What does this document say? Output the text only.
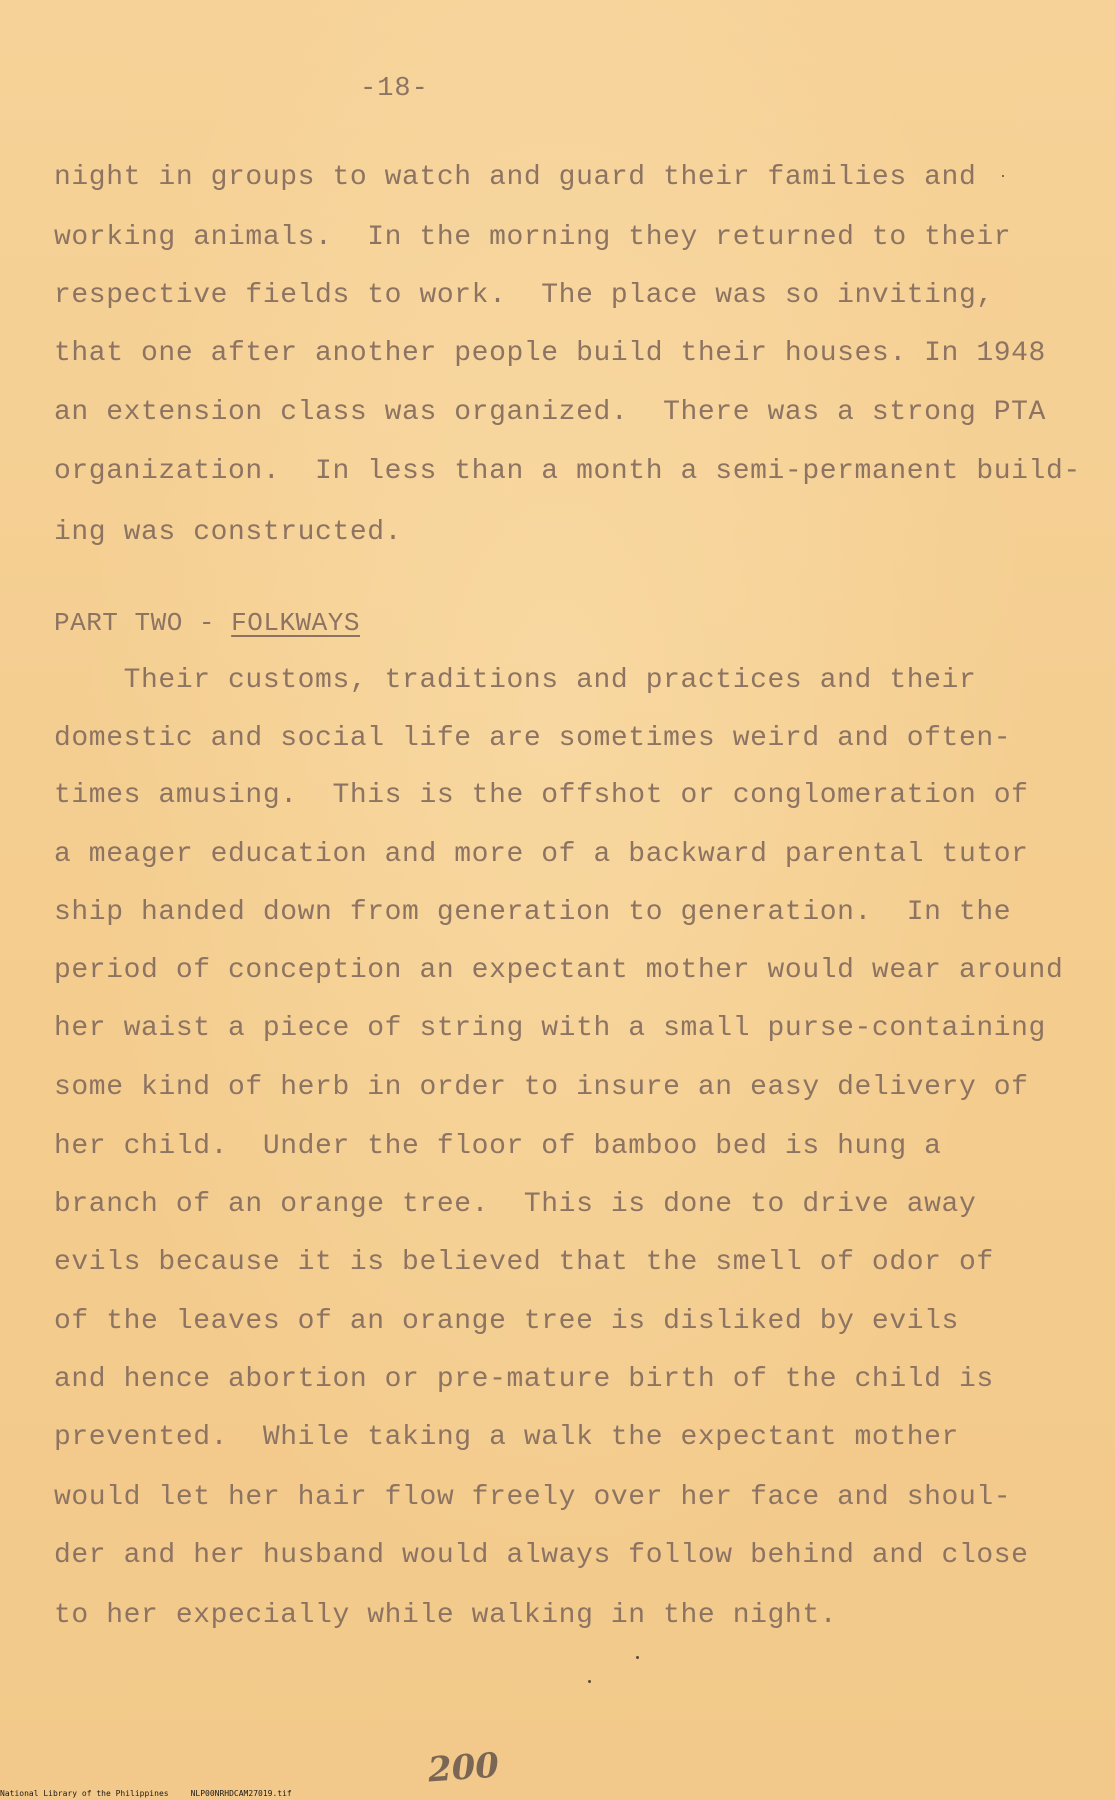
-18-
night in groups to watch and guard their families and
working animals.  In the morning they returned to their
respective fields to work.  The place was so inviting,
that one after another people build their houses. In 1948
an extension class was organized.  There was a strong PTA
organization.  In less than a month a semi-permanent build-
ing was constructed.
PART TWO - FOLKWAYS
Their customs, traditions and practices and their
domestic and social life are sometimes weird and often-
times amusing.  This is the offshot or conglomeration of
a meager education and more of a backward parental tutor
ship handed down from generation to generation.  In the
period of conception an expectant mother would wear around
her waist a piece of string with a small purse-containing
some kind of herb in order to insure an easy delivery of
her child.  Under the floor of bamboo bed is hung a
branch of an orange tree.  This is done to drive away
evils because it is believed that the smell of odor of
of the leaves of an orange tree is disliked by evils
and hence abortion or pre-mature birth of the child is
prevented.  While taking a walk the expectant mother
would let her hair flow freely over her face and shoul-
der and her husband would always follow behind and close
to her expecially while walking in the night.
200
National Library of the Philippines	NLP00NRHDCAM27019.tif
